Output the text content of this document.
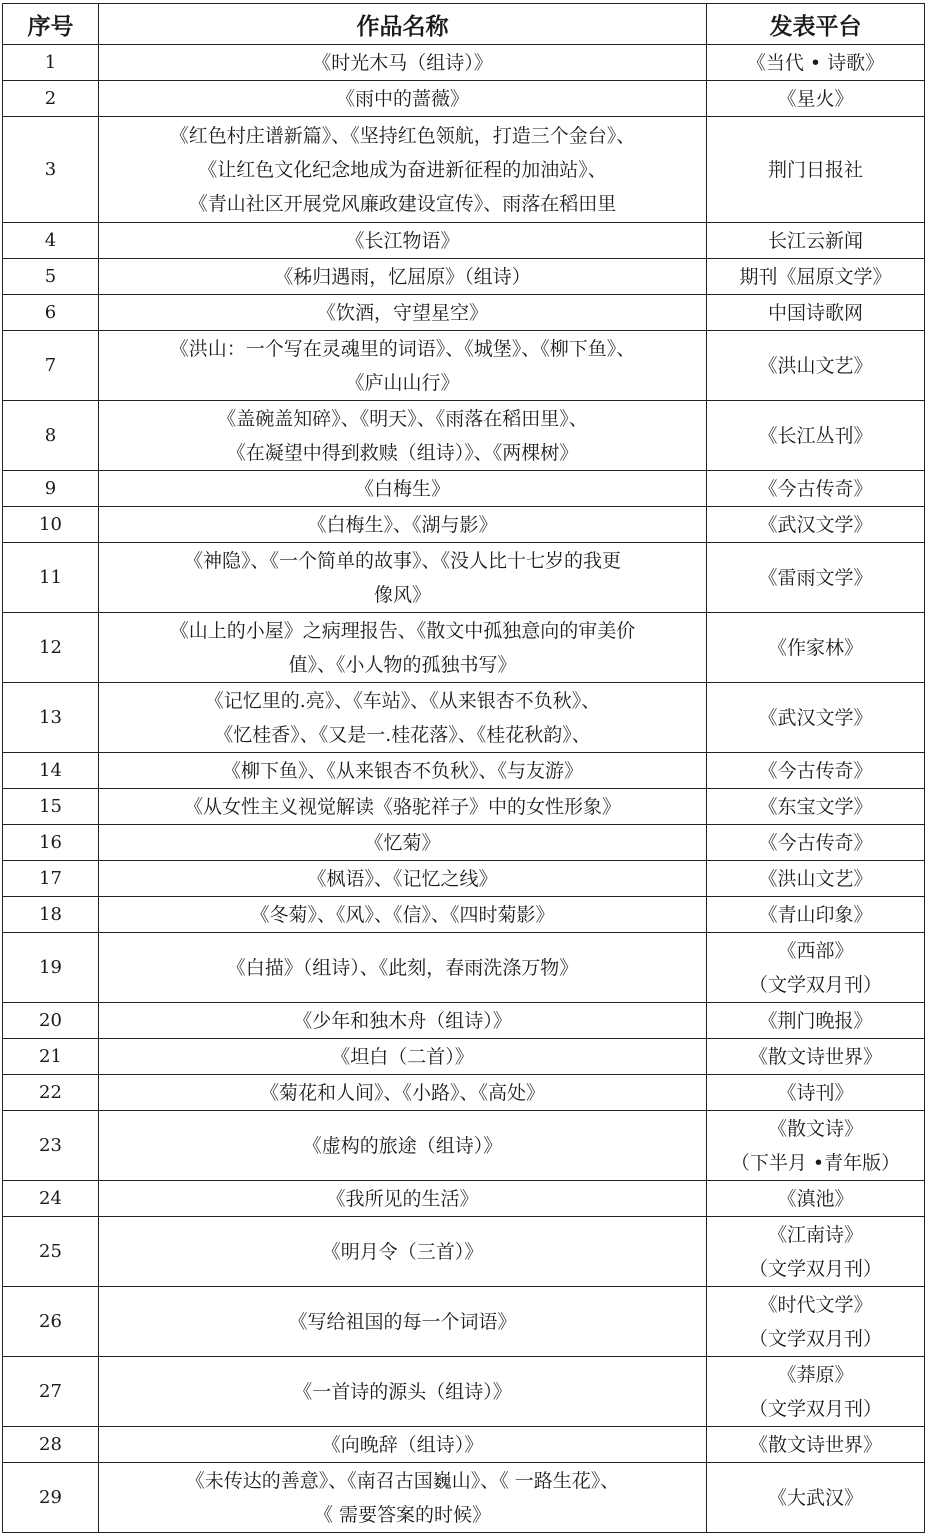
序号	作品名称	发表平台
1	《时光木马（组诗）》	《当代 • 诗歌》

2	《雨中的蔷薇》	《星火》

3	《红色村庄谱新篇》、《坚持红色领航，打造三个金台》、
《让红色文化纪念地成为奋进新征程的加油站》、
《青山社区开展党风廉政建设宣传》、雨落在稻田里	荆门日报社

4	《长江物语》	长江云新闻

5	《秭归遇雨，忆屈原》（组诗）	期刊《屈原文学》

6	《饮酒，守望星空》	中国诗歌网

7	《洪山：一个写在灵魂里的词语》、《城堡》、《柳下鱼》、
《庐山山行》	《洪山文艺》

8	《盖碗盖知碎》、《明天》、《雨落在稻田里》、
《在凝望中得到救赎（组诗）》、《两棵树》	《长江丛刊》

9	《白梅生》	《今古传奇》

10	《白梅生》、《湖与影》	《武汉文学》

11	《神隐》、《一个简单的故事》、《没人比十七岁的我更
像风》	《雷雨文学》

12	《山上的小屋》之病理报告、《散文中孤独意向的审美价
值》、《小人物的孤独书写》	《作家林》

13	《记忆里的.亮》、《车站》、《从来银杏不负秋》、
《忆桂香》、《又是一.桂花落》、《桂花秋韵》、	《武汉文学》

14	《柳下鱼》、《从来银杏不负秋》、《与友游》	《今古传奇》

15	《从女性主义视觉解读《骆驼祥子》中的女性形象》	《东宝文学》

16	《忆菊》	《今古传奇》

17	《枫语》、《记忆之线》	《洪山文艺》

18	《冬菊》、《风》、《信》、《四时菊影》	《青山印象》

19	《白描》（组诗）、《此刻，春雨洗涤万物》	《西部》
（文学双月刊）

20	《少年和独木舟（组诗）》	《荆门晚报》

21	《坦白（二首）》	《散文诗世界》

22	《菊花和人间》、《小路》、《高处》	《诗刊》

23	《虚构的旅途（组诗）》	《散文诗》
（下半月 •青年版）

24	《我所见的生活》	《滇池》

25	《明月令（三首）》	《江南诗》
（文学双月刊）

26	《写给祖国的每一个词语》	《时代文学》
（文学双月刊）

27	《一首诗的源头（组诗）》	《莽原》
（文学双月刊）

28	《向晚辞（组诗）》	《散文诗世界》

29	《未传达的善意》、《南召古国巍山》、《 一路生花》、
《 需要答案的时候》	《大武汉》
